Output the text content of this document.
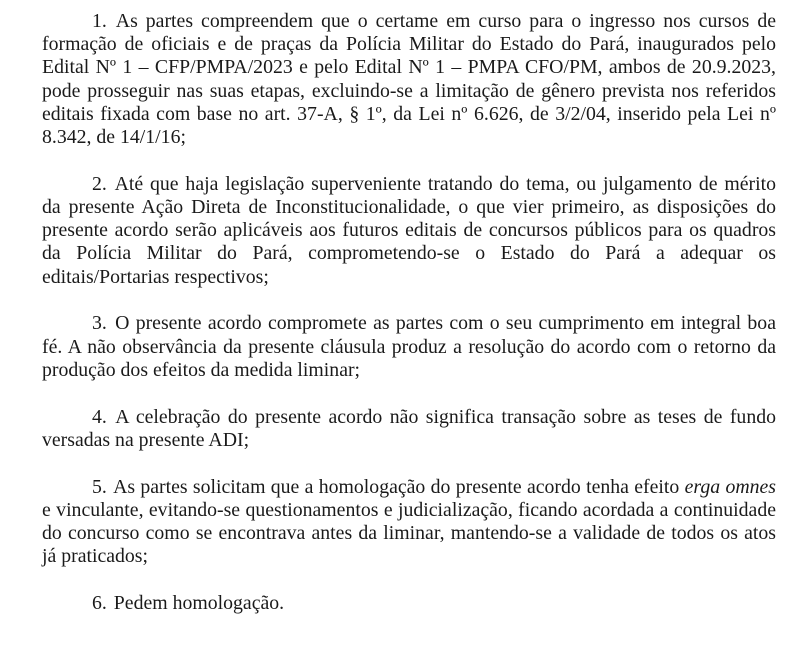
1. As partes compreendem que o certame em curso para o ingresso nos cursos de formação de oficiais e de praças da Polícia Militar do Estado do Pará, inaugurados pelo Edital Nº 1 – CFP/PMPA/2023 e pelo Edital Nº 1 – PMPA CFO/PM, ambos de 20.9.2023, pode prosseguir nas suas etapas, excluindo-se a limitação de gênero prevista nos referidos editais fixada com base no art. 37-A, § 1º, da Lei nº 6.626, de 3/2/04, inserido pela Lei nº 8.342, de 14/1/16;

2. Até que haja legislação superveniente tratando do tema, ou julgamento de mérito da presente Ação Direta de Inconstitucionalidade, o que vier primeiro, as disposições do presente acordo serão aplicáveis aos futuros editais de concursos públicos para os quadros da Polícia Militar do Pará, comprometendo-se o Estado do Pará a adequar os editais/Portarias respectivos;

3. O presente acordo compromete as partes com o seu cumprimento em integral boa fé. A não observância da presente cláusula produz a resolução do acordo com o retorno da produção dos efeitos da medida liminar;

4. A celebração do presente acordo não significa transação sobre as teses de fundo versadas na presente ADI;

5. As partes solicitam que a homologação do presente acordo tenha efeito erga omnes e vinculante, evitando-se questionamentos e judicialização, ficando acordada a continuidade do concurso como se encontrava antes da liminar, mantendo-se a validade de todos os atos já praticados;

6. Pedem homologação.
